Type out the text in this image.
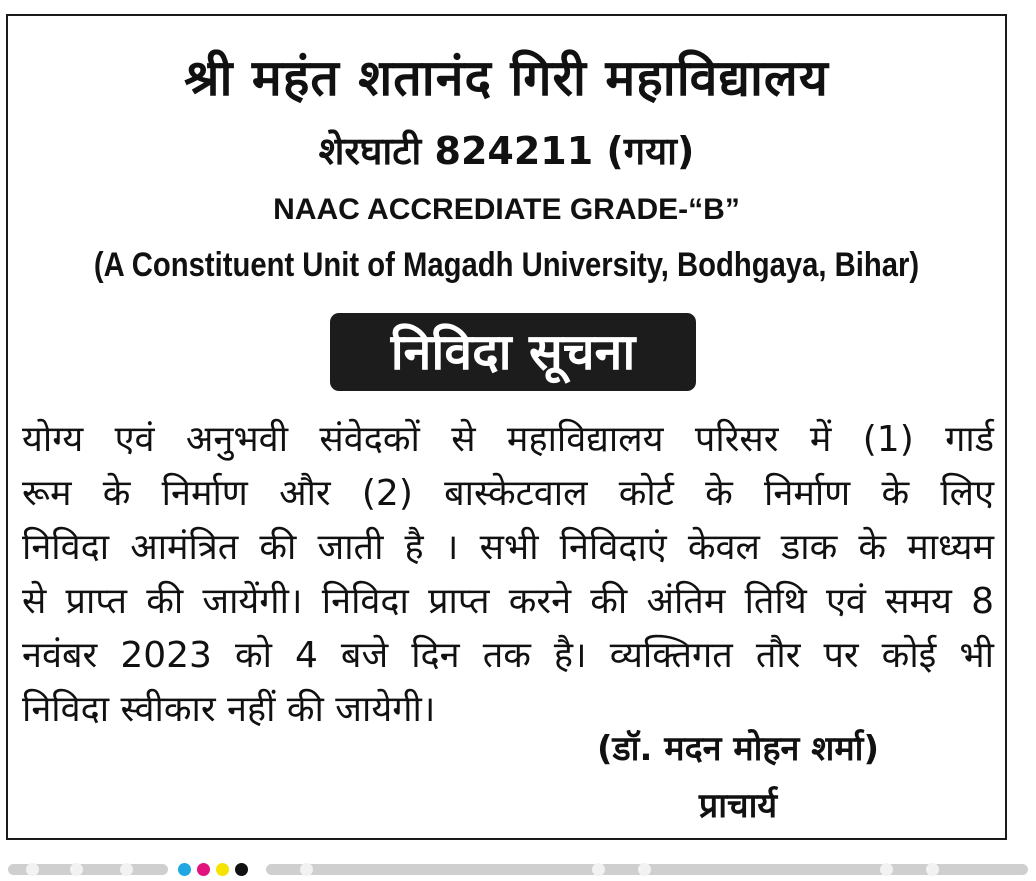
श्री महंत शतानंद गिरी महाविद्यालय
शेरघाटी 824211 (गया)
NAAC ACCREDIATE GRADE-“B”
(A Constituent Unit of Magadh University, Bodhgaya, Bihar)
निविदा सूचना
योग्य एवं अनुभवी संवेदकों से महाविद्यालय परिसर में (1) गार्ड
रूम के निर्माण और (2) बास्केटवाल कोर्ट के निर्माण के लिए
निविदा आमंत्रित की जाती है । सभी निविदाएं केवल डाक के माध्यम
से प्राप्त की जायेंगी। निविदा प्राप्त करने की अंतिम तिथि एवं समय 8
नवंबर 2023 को 4 बजे दिन तक है। व्यक्तिगत तौर पर कोई भी
निविदा स्वीकार नहीं की जायेगी।
(डॉ. मदन मोहन शर्मा)
प्राचार्य
